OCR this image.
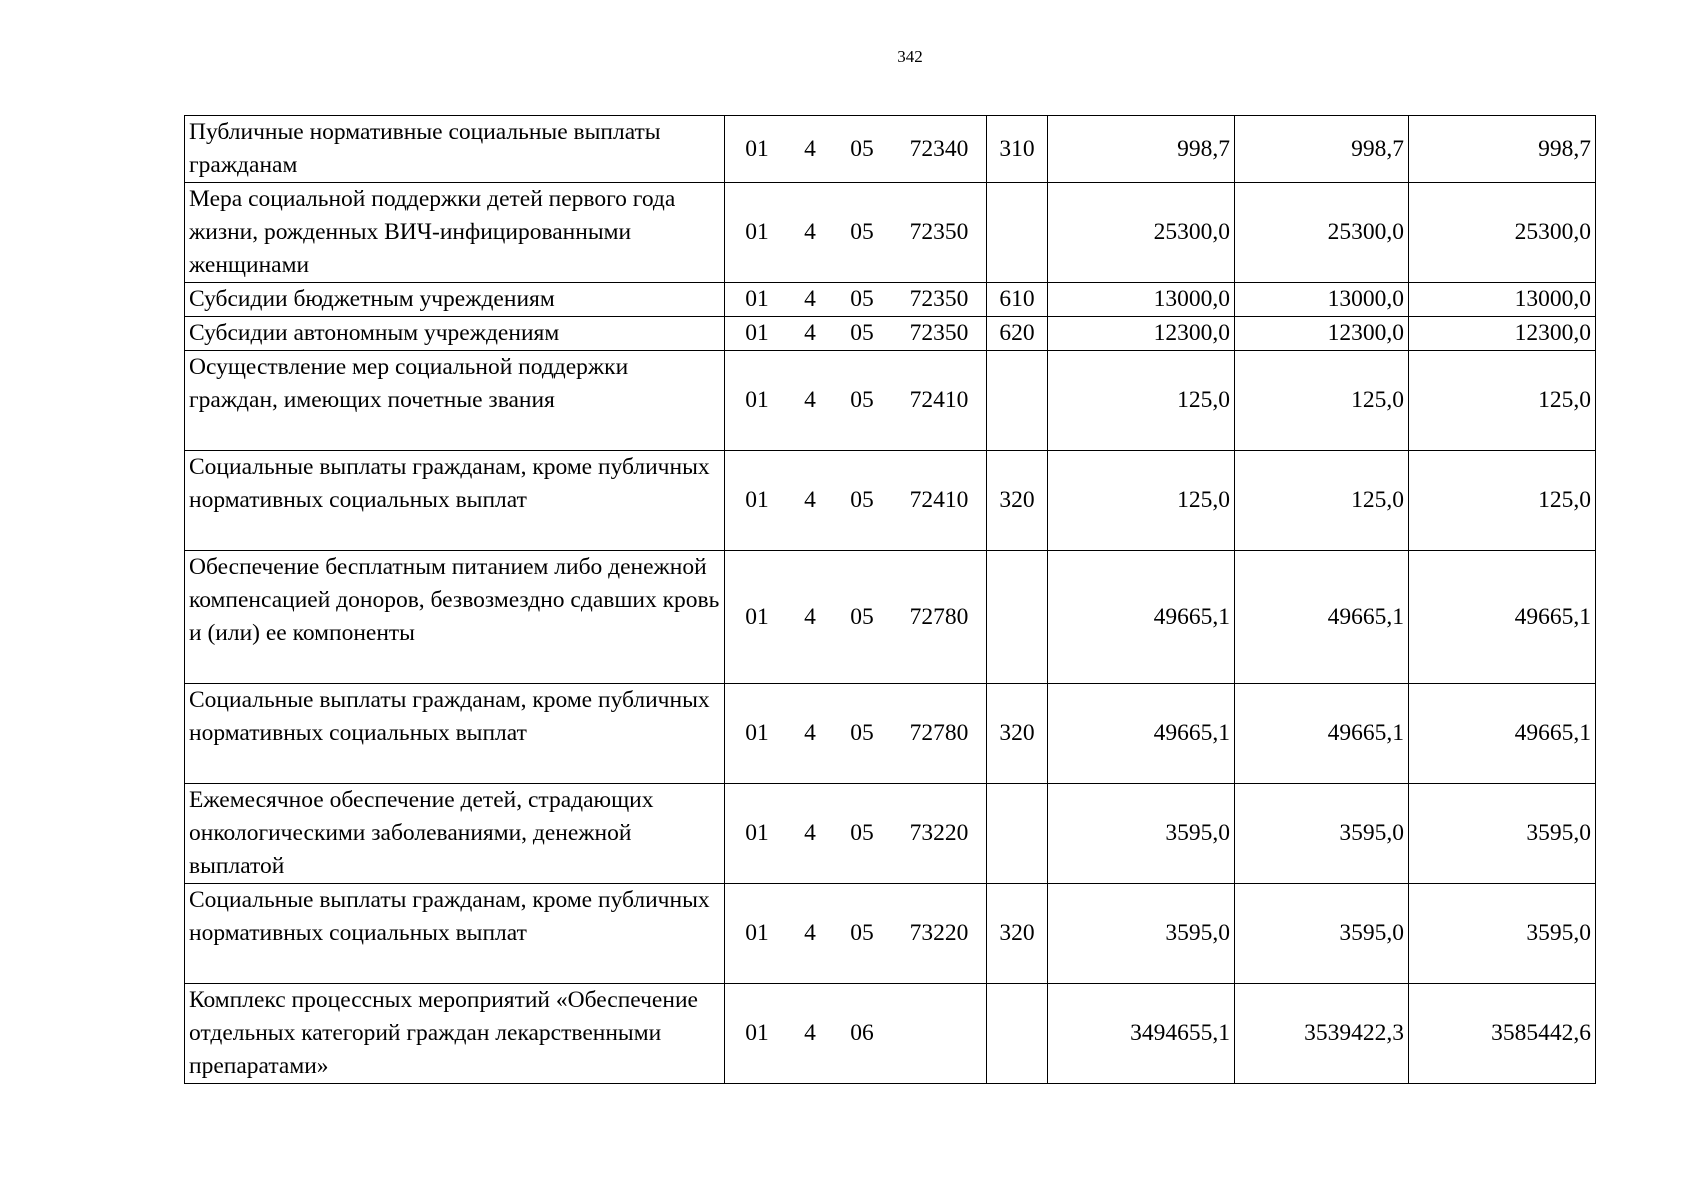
342
Публичные нормативные социальные выплаты гражданам	01 4 05 72340	310	998,7	998,7	998,7
Мера социальной поддержки детей первого года жизни, рожденных ВИЧ-инфицированными женщинами	01 4 05 72350		25300,0	25300,0	25300,0
Субсидии бюджетным учреждениям	01 4 05 72350	610	13000,0	13000,0	13000,0
Субсидии автономным учреждениям	01 4 05 72350	620	12300,0	12300,0	12300,0
Осуществление мер социальной поддержки граждан, имеющих почетные звания	01 4 05 72410		125,0	125,0	125,0
Социальные выплаты гражданам, кроме публичных нормативных социальных выплат	01 4 05 72410	320	125,0	125,0	125,0
Обеспечение бесплатным питанием либо денежной компенсацией доноров, безвозмездно сдавших кровь и (или) ее компоненты	01 4 05 72780		49665,1	49665,1	49665,1
Социальные выплаты гражданам, кроме публичных нормативных социальных выплат	01 4 05 72780	320	49665,1	49665,1	49665,1
Ежемесячное обеспечение детей, страдающих онкологическими заболеваниями, денежной выплатой	01 4 05 73220		3595,0	3595,0	3595,0
Социальные выплаты гражданам, кроме публичных нормативных социальных выплат	01 4 05 73220	320	3595,0	3595,0	3595,0
Комплекс процессных мероприятий «Обеспечение отдельных категорий граждан лекарственными препаратами»	01 4 06		3494655,1	3539422,3	3585442,6
